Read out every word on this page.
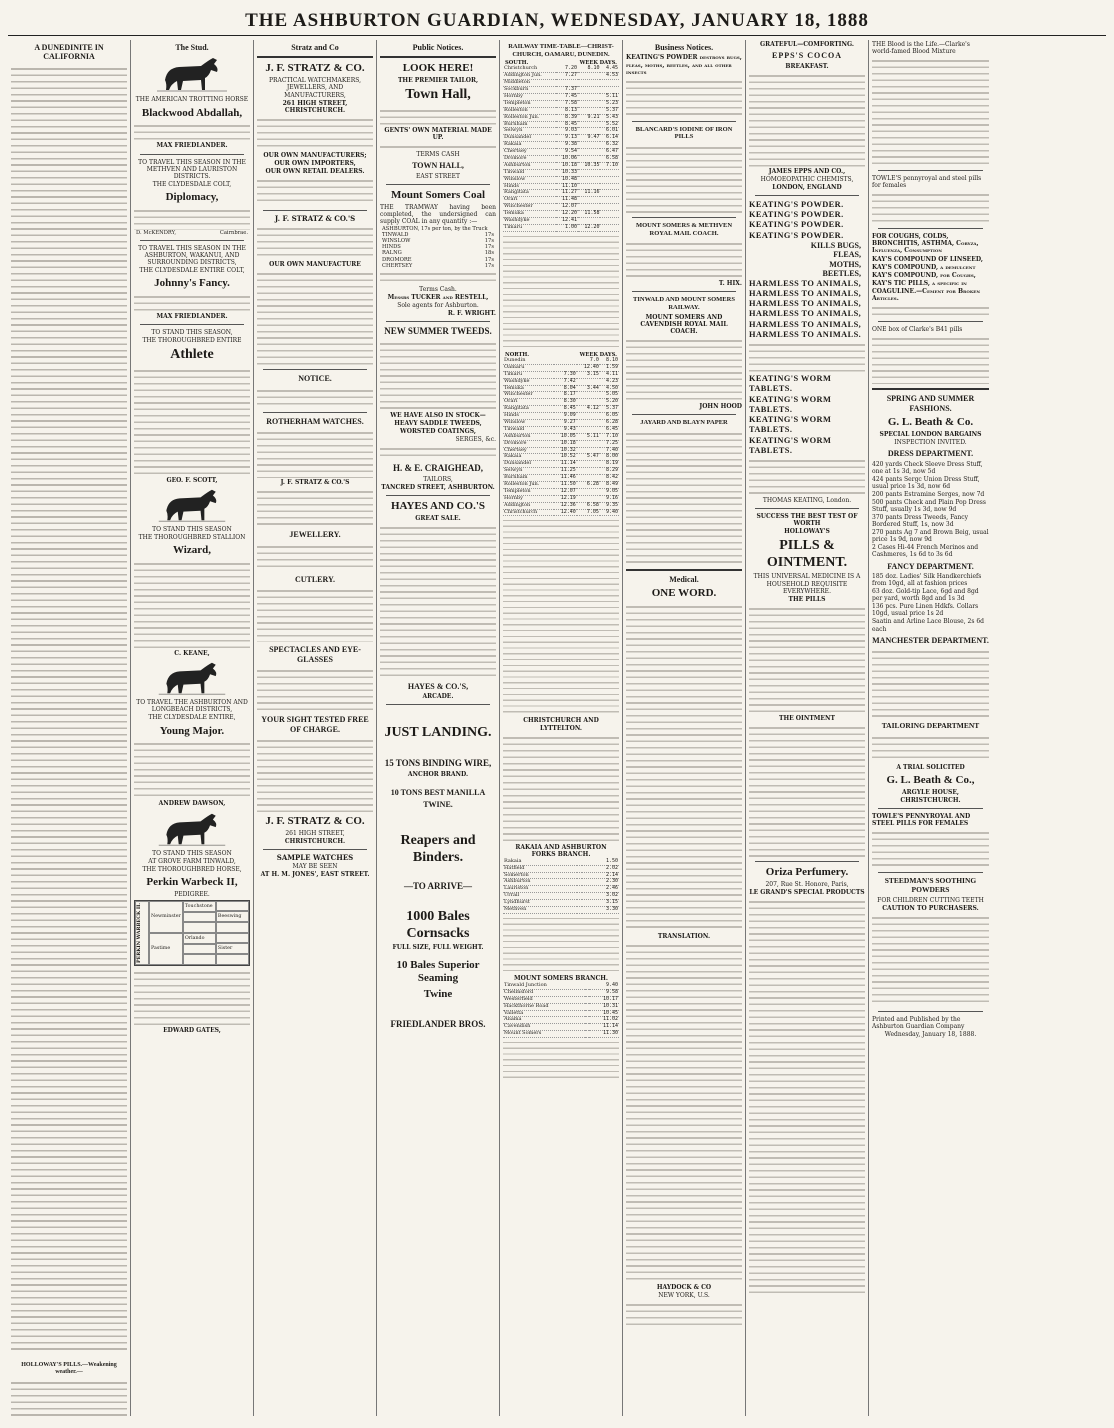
THE ASHBURTON GUARDIAN, WEDNESDAY, JANUARY 18, 1888
A DUNEDINITE IN CALIFORNIA
HOLLOWAY'S PILLS.—Weakening weather.—
The Stud.
THE AMERICAN TROTTING HORSE
Blackwood Abdallah,
MAX FRIEDLANDER.
TO TRAVEL THIS SEASON IN THE METHVEN AND LAURISTON DISTRICTS.
THE CLYDESDALE COLT,
Diplomacy,
D. McKENDRY,	Cairnbrae.
TO TRAVEL THIS SEASON IN THE ASHBURTON, WAKANUI, AND SURROUNDING DISTRICTS,
THE CLYDESDALE ENTIRE COLT,
Johnny's Fancy.
MAX FRIEDLANDER.
TO STAND THIS SEASON,
THE THOROUGHBRED ENTIRE
Athlete
GEO. F. SCOTT,
TO STAND THIS SEASON
THE THOROUGHBRED STALLION
Wizard,
C. KEANE,
TO TRAVEL THE ASHBURTON AND LONGBEACH DISTRICTS,
THE CLYDESDALE ENTIRE,
Young Major.
ANDREW DAWSON,
TO STAND THIS SEASON
AT GROVE FARM TINWALD,
THE THOROUGHBRED HORSE,
Perkin Warbeck II,
PEDIGREE.
PERKIN WARBECK II.	Newminster
Touchstone
Beeswing
Pastime
Orlando
Sister
EDWARD GATES,
Stratz and Co
J. F. STRATZ & CO.
PRACTICAL WATCHMAKERS, JEWELLERS, AND MANUFACTURERS,
261 HIGH STREET, CHRISTCHURCH.
OUR OWN MANUFACTURERS;
OUR OWN IMPORTERS,
OUR OWN RETAIL DEALERS.
J. F. STRATZ & CO.'S
OUR OWN MANUFACTURE
NOTICE.
ROTHERHAM WATCHES.
J. F. STRATZ & CO.'S
JEWELLERY.
CUTLERY.
SPECTACLES AND EYE-GLASSES
YOUR SIGHT TESTED FREE OF CHARGE.
J. F. STRATZ & CO.
261 HIGH STREET,
CHRISTCHURCH.
SAMPLE WATCHES
MAY BE SEEN
AT H. M. JONES', EAST STREET.
Public Notices.
LOOK HERE!
THE PREMIER TAILOR,
Town Hall,
GENTS' OWN MATERIAL MADE UP.
TERMS CASH
TOWN HALL,
EAST STREET
Mount Somers Coal
THE TRAMWAY having been completed, the undersigned can supply COAL in any quantity :—
ASHBURTON, 17s per ton, by the Truck
TINWALD	17s
WINSLOW	17s
HINDS	17s
RALNG	18s
DROMORE	17s
CHERTSEY	17s
Terms Cash.
Messrs TUCKER and RESTELL,
Sole agents for Ashburton.
R. F. WRIGHT.
NEW SUMMER TWEEDS.
WE HAVE ALSO IN STOCK—
HEAVY SADDLE TWEEDS,
WORSTED COATINGS,
SERGES, &c.
H. & E. CRAIGHEAD,
TAILORS,
TANCRED STREET, ASHBURTON.
HAYES AND CO.'S
GREAT SALE.
HAYES & CO.'S,
ARCADE.
JUST LANDING.
15 TONS BINDING WIRE,
ANCHOR BRAND.
10 TONS BEST MANILLA
TWINE.
Reapers and Binders.
—TO ARRIVE—
1000 Bales Cornsacks
FULL SIZE, FULL WEIGHT.
10 Bales Superior Seaming
Twine
FRIEDLANDER BROS.
RAILWAY TIME-TABLE—CHRIST-CHURCH, OAMARU, DUNEDIN.
SOUTH.	WEEK DAYS.
Christchurch	7.20	8.10	4.45
Addington Jun.	7.27		4.53
Middleton			
Sockburn	7.37		
Hornby	7.45		5.11
Templeton	7.58		5.23
Rolleston	8.13		5.37
Rolleston Jun.	8.39	9.21	5.43
Burnham	8.45		5.52
Selwyn	9.03		6.01
Dunsandel	9.13	9.47	6.14
Rakaia	9.38		6.32
Chertsey	9.54		6.47
Dromore	10.06		6.58
Ashburton	10.18	10.35	7.10
Tinwald	10.33		
Winslow	10.48		
Hinds	11.10		
Rangitata	11.27	11.16	
Orari	11.48		
Winchester	12.07		
Temuka	12.20	11.58	
Washdyke	12.41		
Timaru	1.00	12.20	
NORTH.	WEEK DAYS.
Dunedin		7.0	8.10
Oamaru		12.40	1.59
Timaru	7.30	3.15	4.11
Washdyke	7.42		4.23
Temuka	8.04	3.44	4.50
Winchester	8.17		5.05
Orari	8.30		5.20
Rangitata	8.45	4.12	5.37
Hinds	9.09		6.05
Winslow	9.27		6.28
Tinwald	9.43		6.45
Ashburton	10.05	5.11	7.10
Dromore	10.18		7.25
Chertsey	10.32		7.40
Rakaia	10.52	5.47	8.00
Dunsandel	11.14		8.19
Selwyn	11.25		8.29
Burnham	11.46		8.42
Rolleston Jun.	11.50	6.28	8.49
Templeton	12.07		9.05
Hornby	12.19		9.16
Addington	12.36	6.58	9.35
Christchurch	12.40	7.05	9.40
CHRISTCHURCH AND LYTTELTON.
RAKAIA AND ASHBURTON FORKS BRANCH.
Rakaia		1.50
Hatfield		2.02
Somerton		2.14
Ashburton		2.30
Lauriston		2.46
Urrall		3.02
Lyndhurst		3.15
Methven		3.30
MOUNT SOMERS BRANCH.
Tinwald Junction		9.40
Chelmsford		9.58
Westerfield		10.17
Hackthorne Road		10.31
Valletta		10.45
Anama		11.02
Cavendish		11.14
Mount Somers		11.30
Business Notices.
KEATING'S POWDER destroys bugs, fleas, moths, beetles, and all other insects
BLANCARD'S IODINE OF IRON PILLS
MOUNT SOMERS & METHVEN ROYAL MAIL COACH.
T. HIX.
TINWALD AND MOUNT SOMERS RAILWAY.
MOUNT SOMERS AND CAVENDISH ROYAL MAIL COACH.
JOHN HOOD
JAYARD AND BLAYN PAPER
Medical.
ONE WORD.
TRANSLATION.
HAYDOCK & CO
NEW YORK, U.S.
GRATEFUL—COMFORTING.
EPPS'S COCOA
BREAKFAST.
JAMES EPPS AND CO.,
HOMOEOPATHIC CHEMISTS,
LONDON, ENGLAND
KEATING'S POWDER.
KEATING'S POWDER.
KEATING'S POWDER.
KEATING'S POWDER.
KILLS BUGS,
FLEAS,
MOTHS,
BEETLES,
HARMLESS TO ANIMALS,
HARMLESS TO ANIMALS,
HARMLESS TO ANIMALS,
HARMLESS TO ANIMALS,
HARMLESS TO ANIMALS,
HARMLESS TO ANIMALS.
KEATING'S WORM TABLETS.
KEATING'S WORM TABLETS.
KEATING'S WORM TABLETS.
KEATING'S WORM TABLETS.
THOMAS KEATING, London.
SUCCESS THE BEST TEST OF WORTH
HOLLOWAY'S
PILLS & OINTMENT.
THIS UNIVERSAL MEDICINE IS A HOUSEHOLD REQUISITE EVERYWHERE.
THE PILLS
THE OINTMENT
Oriza Perfumery.
207, Rue St. Honore, Paris,
LE GRAND'S SPECIAL PRODUCTS
THE Blood is the Life.—Clarke's world-famed Blood Mixture
TOWLE'S pennyroyal and steel pills for females
FOR COUGHS, COLDS, BRONCHITIS, ASTHMA, Coryza, Influenza, Consumption
KAY'S COMPOUND OF LINSEED,
KAY'S COMPOUND, a demulcent
KAY'S COMPOUND, for Coughs,
KAY'S TIC PILLS, a specific in
COAGULINE.—Cement for Broken Articles.
ONE box of Clarke's B41 pills
SPRING AND SUMMER FASHIONS.
G. L. Beath & Co.
SPECIAL LONDON BARGAINS
INSPECTION INVITED.
DRESS DEPARTMENT.
420 yards Check Sleeve Dress Stuff, one at 1s 3d, now 5d
424 pants Sergc Union Dress Stuff, usual price 1s 3d, now 6d
200 pants Estramine Serges, now 7d
500 pants Check and Plain Pop Dress Stuff, usually 1s 3d, now 9d
370 pants Dress Tweeds, Fancy Bordered Stuff, 1s, now 3d
270 pants Ag 7 and Brown Beig, usual price 1s 9d, now 9d
2 Cases Hi-44 French Merinos and Cashmeres, 1s 6d to 3s 6d
FANCY DEPARTMENT.
185 doz. Ladies' Silk Handkerchiefs from 10gd, all at fashion prices
63 doz. Gold-tip Lace, 6gd and 8gd per yard, worth 8gd and 1s 3d
136 pcs. Pure Linen Hdkfs. Collars 10gd, usual price 1s 2d
Saatin and Arline Lace Blouse, 2s 6d each
MANCHESTER DEPARTMENT.
TAILORING DEPARTMENT
A TRIAL SOLICITED
G. L. Beath & Co.,
ARGYLE HOUSE,
CHRISTCHURCH.
TOWLE'S PENNYROYAL AND STEEL PILLS FOR FEMALES
STEEDMAN'S SOOTHING POWDERS
FOR CHILDREN CUTTING TEETH
CAUTION TO PURCHASERS.
Printed and Published by the Ashburton Guardian Company
Wednesday, January 18, 1888.
